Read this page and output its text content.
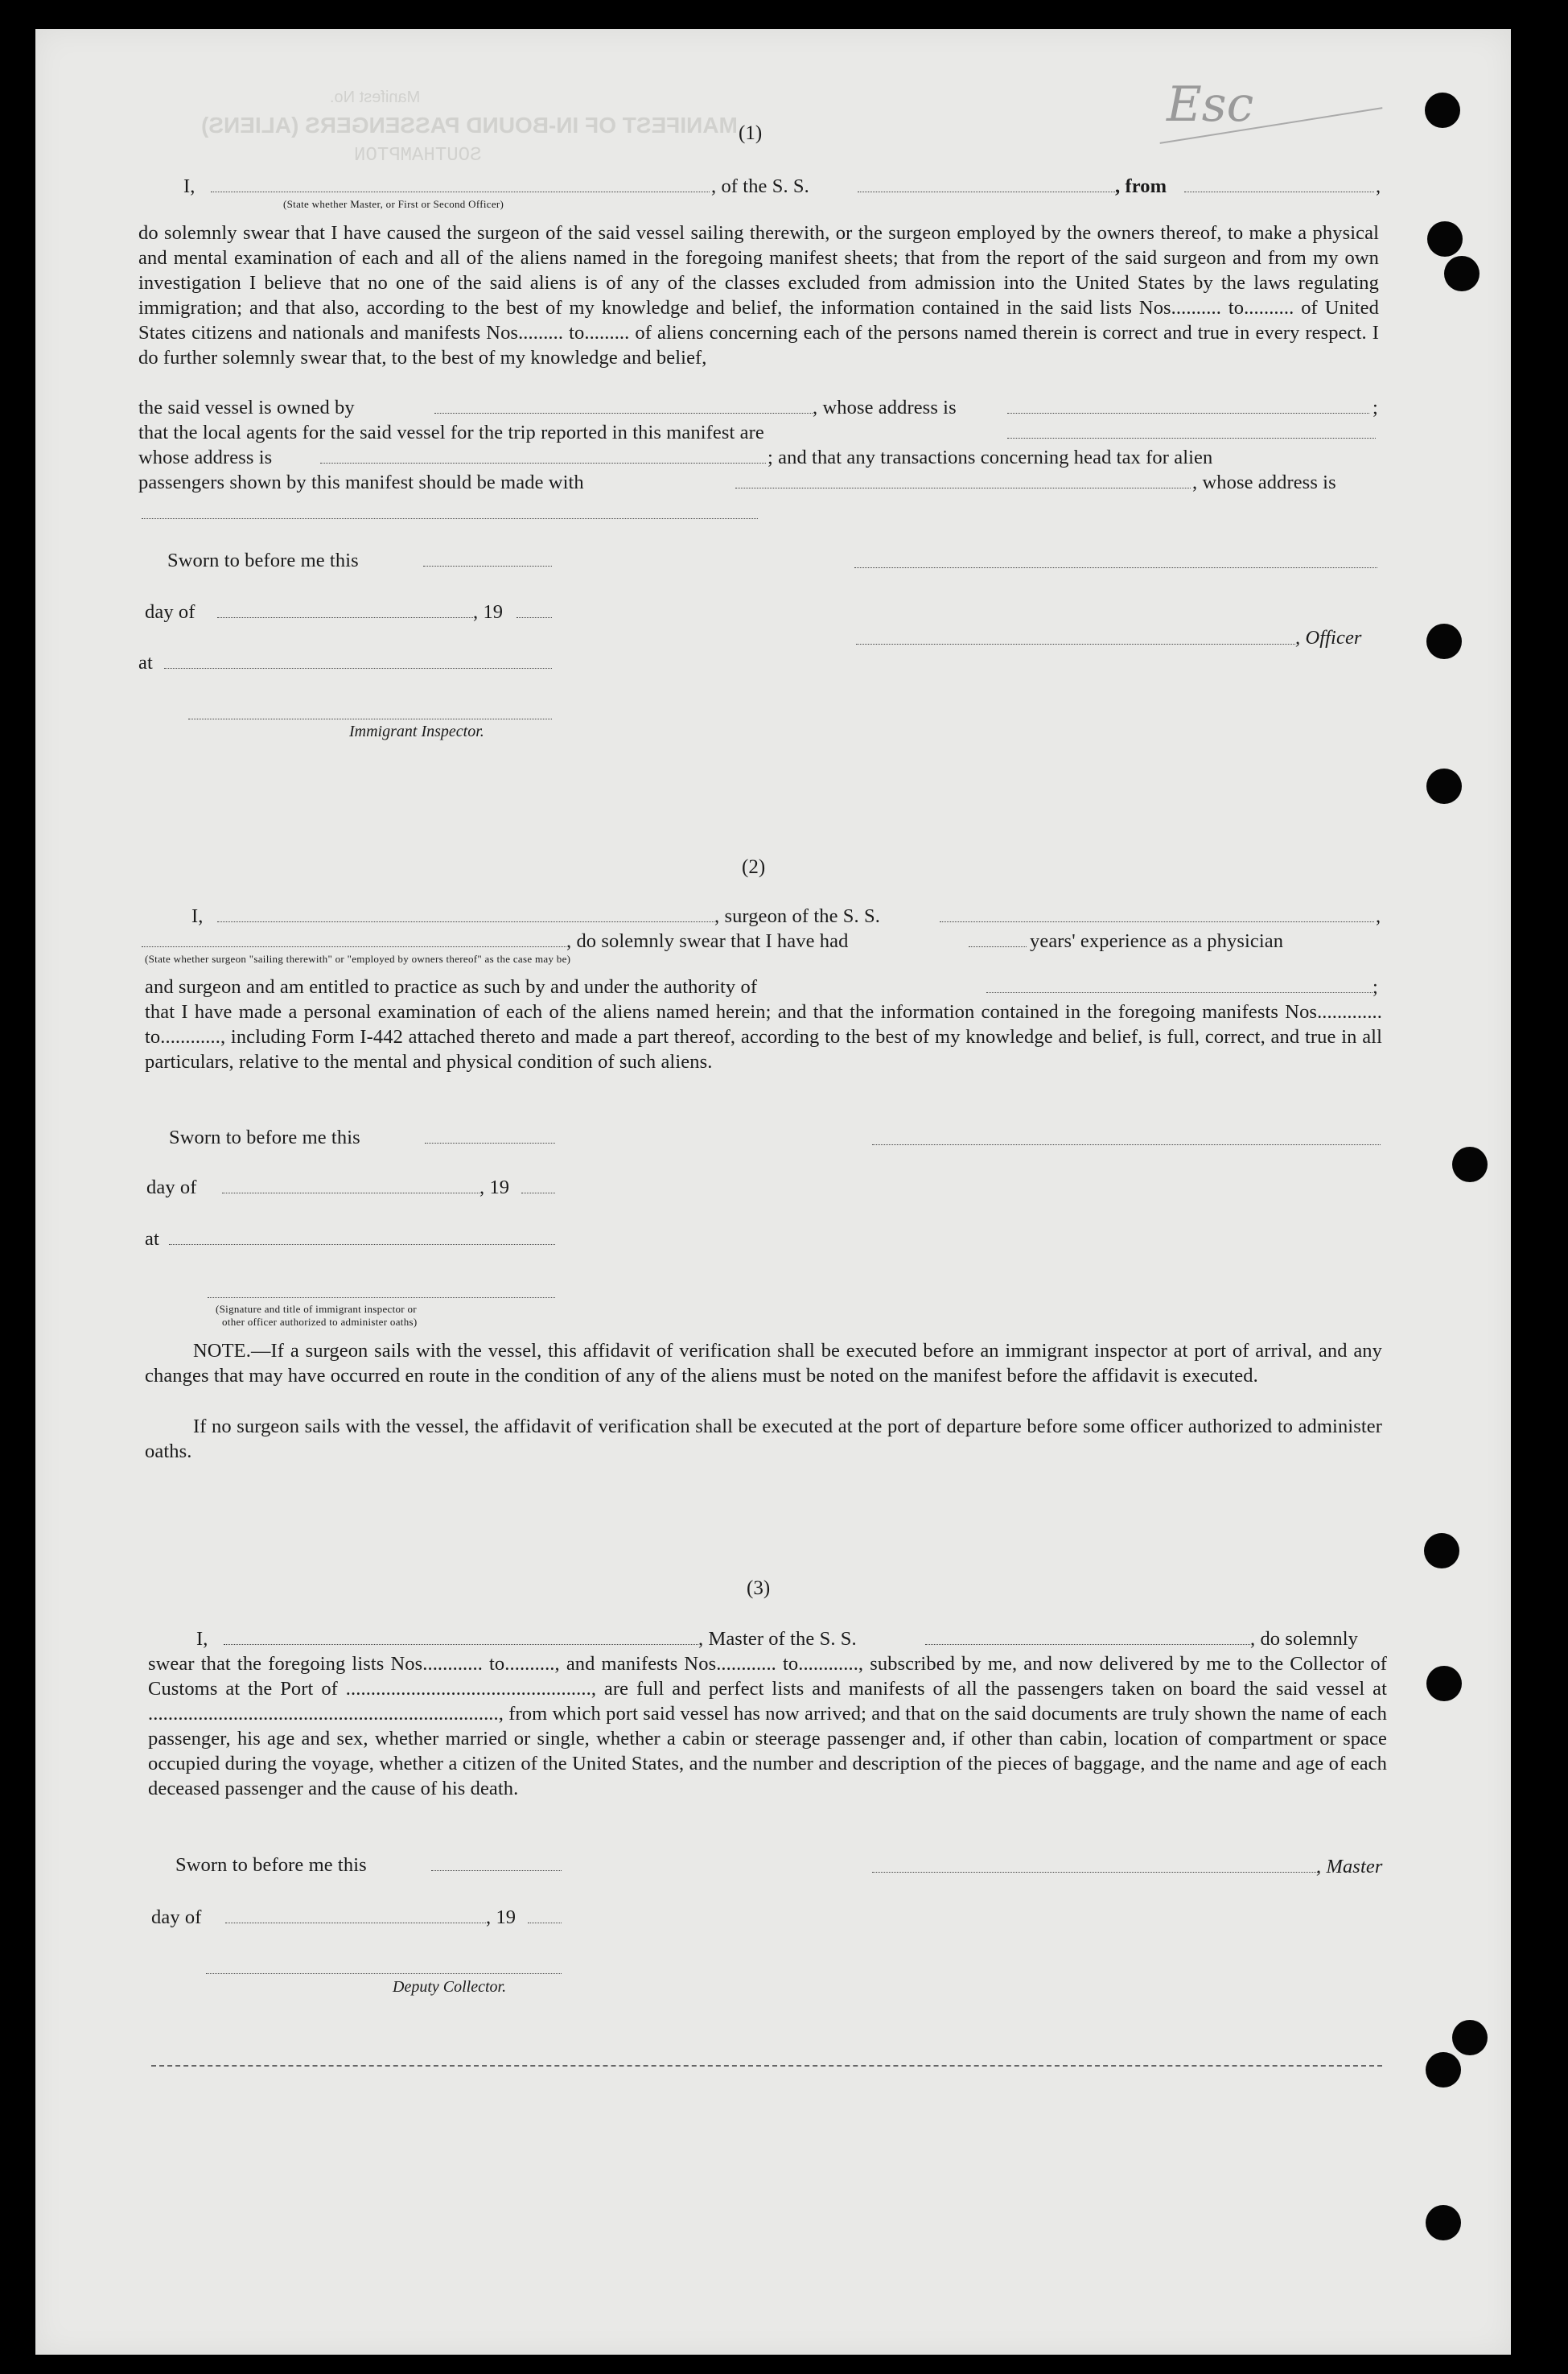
MANIFEST OF IN-BOUND PASSENGERS (ALIENS)
SOUTHAMPTON
Manifest No.	Esc
(1)
I,	, of the S. S.	, from	,
(State whether Master, or First or Second Officer)
do solemnly swear that I have caused the surgeon of the said vessel sailing therewith, or the surgeon employed by the owners thereof, to make a physical and mental examination of each and all of the aliens named in the foregoing manifest sheets; that from the report of the said surgeon and from my own investigation I believe that no one of the said aliens is of any of the classes excluded from admission into the United States by the laws regulating immigration; and that also, according to the best of my knowledge and belief, the information contained in the said lists Nos.......... to.......... of United States citizens and nationals and manifests Nos......... to......... of aliens concerning each of the persons named therein is correct and true in every respect. I do further solemnly swear that, to the best of my knowledge and belief,
the said vessel is owned by	, whose address is	;
that the local agents for the said vessel for the trip reported in this manifest are
whose address is	; and that any transactions concerning head tax for alien
passengers shown by this manifest should be made with	, whose address is
Sworn to before me this
day of	, 19
, Officer
at
Immigrant Inspector.
(2)
I,	, surgeon of the S. S.	,
, do solemnly swear that I have had	years' experience as a physician
(State whether surgeon "sailing therewith" or "employed by owners thereof" as the case may be)
and surgeon and am entitled to practice as such by and under the authority of	;
that I have made a personal examination of each of the aliens named herein; and that the information contained in the foregoing manifests Nos............. to............, including Form I-442 attached thereto and made a part thereof, according to the best of my knowledge and belief, is full, correct, and true in all particulars, relative to the mental and physical condition of such aliens.
Sworn to before me this
day of	, 19
at
(Signature and title of immigrant inspector or
other officer authorized to administer oaths)
NOTE.—If a surgeon sails with the vessel, this affidavit of verification shall be executed before an immigrant inspector at port of arrival, and any changes that may have occurred en route in the condition of any of the aliens must be noted on the manifest before the affidavit is executed.
If no surgeon sails with the vessel, the affidavit of verification shall be executed at the port of departure before some officer authorized to administer oaths.
(3)
I,	, Master of the S. S.	, do solemnly
swear that the foregoing lists Nos............ to.........., and manifests Nos............ to............, subscribed by me, and now delivered by me to the Collector of Customs at the Port of ................................................., are full and perfect lists and manifests of all the passengers taken on board the said vessel at ......................................................................, from which port said vessel has now arrived; and that on the said documents are truly shown the name of each passenger, his age and sex, whether married or single, whether a cabin or steerage passenger and, if other than cabin, location of compartment or space occupied during the voyage, whether a citizen of the United States, and the number and description of the pieces of baggage, and the name and age of each deceased passenger and the cause of his death.
Sworn to before me this	, Master
day of	, 19
Deputy Collector.
